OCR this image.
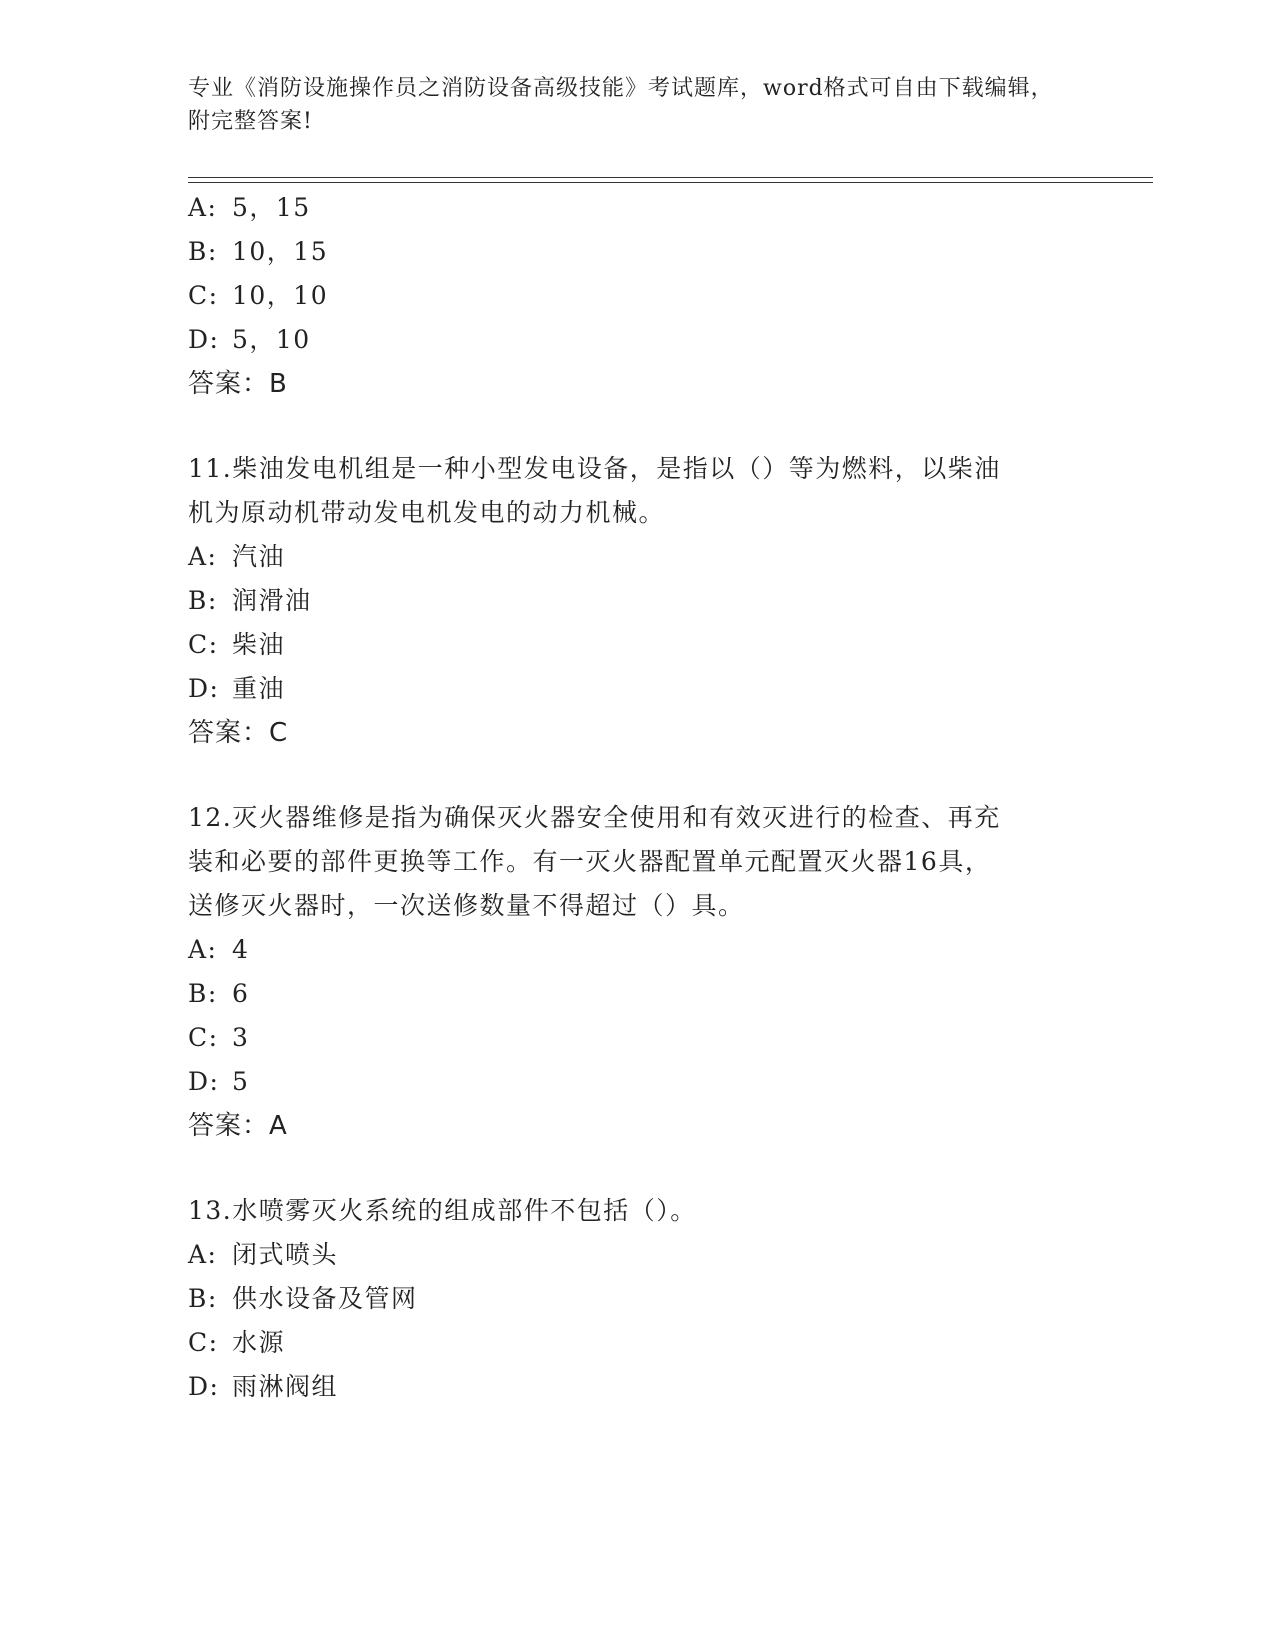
专业《消防设施操作员之消防设备高级技能》考试题库，word格式可自由下载编辑，附完整答案!
A: 5，15
B: 10，15
C: 10，10
D: 5，10
答案：B
11.柴油发电机组是一种小型发电设备，是指以（）等为燃料，以柴油
机为原动机带动发电机发电的动力机械。
A: 汽油
B: 润滑油
C: 柴油
D: 重油
答案：C
12.灭火器维修是指为确保灭火器安全使用和有效灭进行的检查、再充
装和必要的部件更换等工作。有一灭火器配置单元配置灭火器16具，
送修灭火器时，一次送修数量不得超过（）具。
A: 4
B: 6
C: 3
D: 5
答案：A
13.水喷雾灭火系统的组成部件不包括（）。
A: 闭式喷头
B: 供水设备及管网
C: 水源
D: 雨淋阀组
